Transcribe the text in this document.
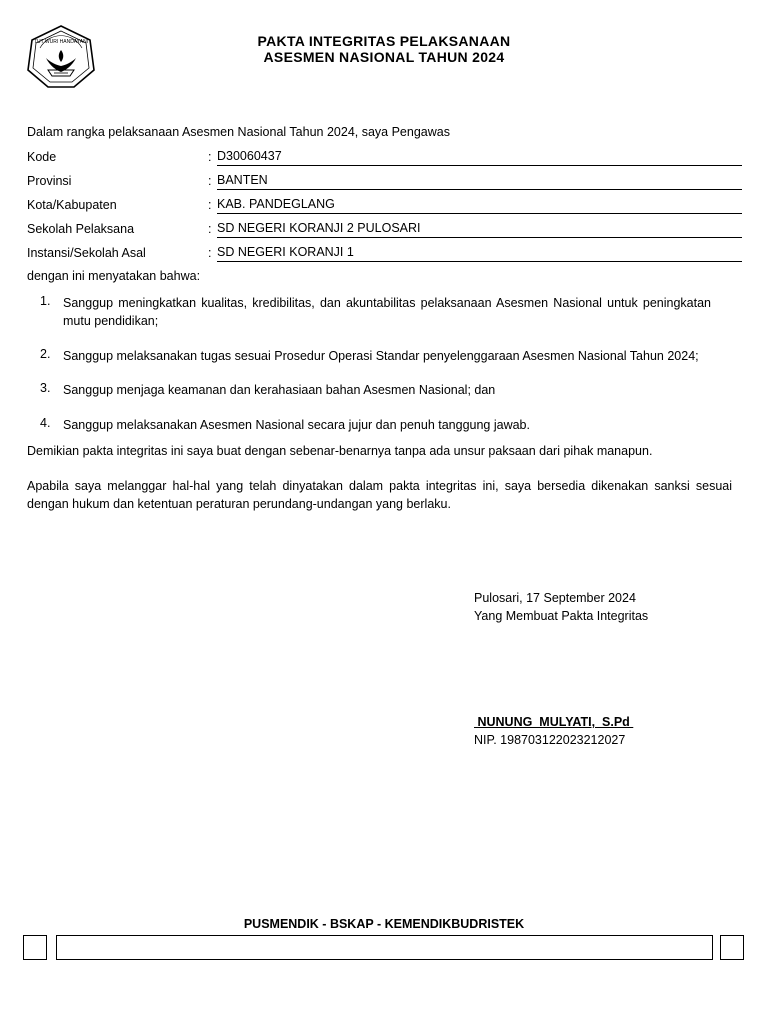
TUT WURI HANDAYANI	PAKTA INTEGRITAS PELAKSANAAN
ASESMEN NASIONAL TAHUN 2024
Dalam rangka pelaksanaan Asesmen Nasional Tahun 2024, saya Pengawas
Kode	: D30060437
Provinsi	: BANTEN
Kota/Kabupaten	: KAB. PANDEGLANG
Sekolah Pelaksana	: SD NEGERI KORANJI 2 PULOSARI
Instansi/Sekolah Asal	: SD NEGERI KORANJI 1
dengan ini menyatakan bahwa:
1. Sanggup meningkatkan kualitas, kredibilitas, dan akuntabilitas pelaksanaan Asesmen Nasional untuk peningkatan mutu pendidikan;
2. Sanggup melaksanakan tugas sesuai Prosedur Operasi Standar penyelenggaraan Asesmen Nasional Tahun 2024;
3. Sanggup menjaga keamanan dan kerahasiaan bahan Asesmen Nasional; dan
4. Sanggup melaksanakan Asesmen Nasional secara jujur dan penuh tanggung jawab.
Demikian pakta integritas ini saya buat dengan sebenar-benarnya tanpa ada unsur paksaan dari pihak manapun.
Apabila saya melanggar hal-hal yang telah dinyatakan dalam pakta integritas ini, saya bersedia dikenakan sanksi sesuai dengan hukum dan ketentuan peraturan perundang-undangan yang berlaku.
Pulosari, 17 September 2024
Yang Membuat Pakta Integritas
NUNUNG  MULYATI,  S.Pd
NIP. 198703122023212027
PUSMENDIK - BSKAP - KEMENDIKBUDRISTEK
